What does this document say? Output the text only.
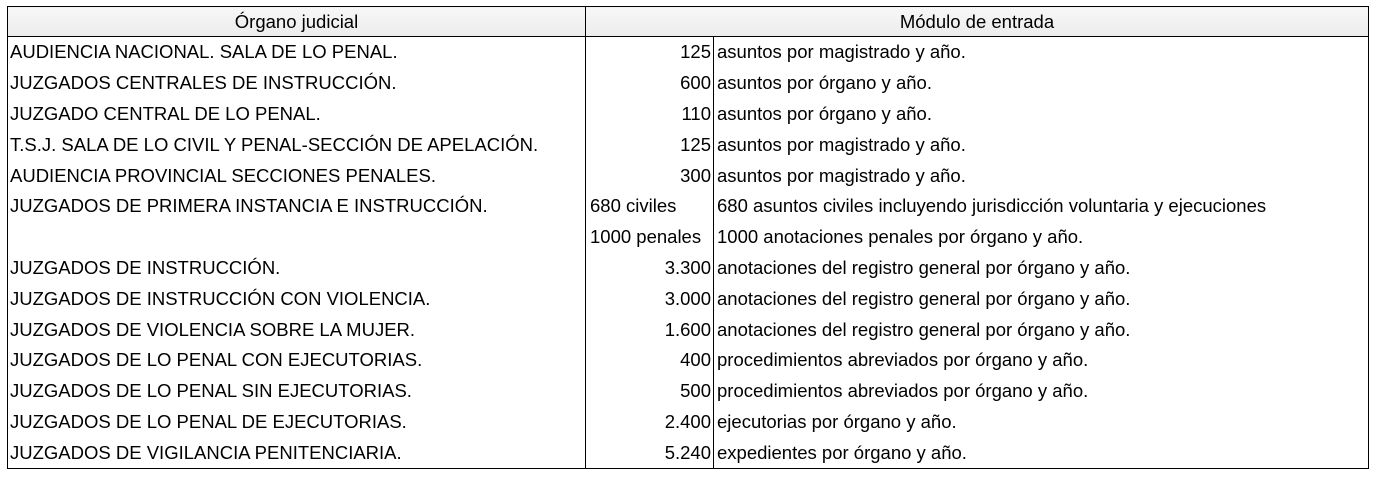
Órgano judicial	Módulo de entrada	
AUDIENCIA NACIONAL. SALA DE LO PENAL.	125	asuntos por magistrado y año.
JUZGADOS CENTRALES DE INSTRUCCIÓN.	600	asuntos por órgano y año.
JUZGADO CENTRAL DE LO PENAL.	110	asuntos por órgano y año.
T.S.J. SALA DE LO CIVIL Y PENAL-SECCIÓN DE APELACIÓN.	125	asuntos por magistrado y año.
AUDIENCIA PROVINCIAL SECCIONES PENALES.	300	asuntos por magistrado y año.
JUZGADOS DE PRIMERA INSTANCIA E INSTRUCCIÓN.	680 civiles	680 asuntos civiles incluyendo jurisdicción voluntaria y ejecuciones
	1000 penales	1000 anotaciones penales por órgano y año.
JUZGADOS DE INSTRUCCIÓN.	3.300	anotaciones del registro general por órgano y año.
JUZGADOS DE INSTRUCCIÓN CON VIOLENCIA.	3.000	anotaciones del registro general por órgano y año.
JUZGADOS DE VIOLENCIA SOBRE LA MUJER.	1.600	anotaciones del registro general por órgano y año.
JUZGADOS DE LO PENAL CON EJECUTORIAS.	400	procedimientos abreviados por órgano y año.
JUZGADOS DE LO PENAL SIN EJECUTORIAS.	500	procedimientos abreviados por órgano y año.
JUZGADOS DE LO PENAL DE EJECUTORIAS.	2.400	ejecutorias por órgano y año.
JUZGADOS DE VIGILANCIA PENITENCIARIA.	5.240	expedientes por órgano y año.
